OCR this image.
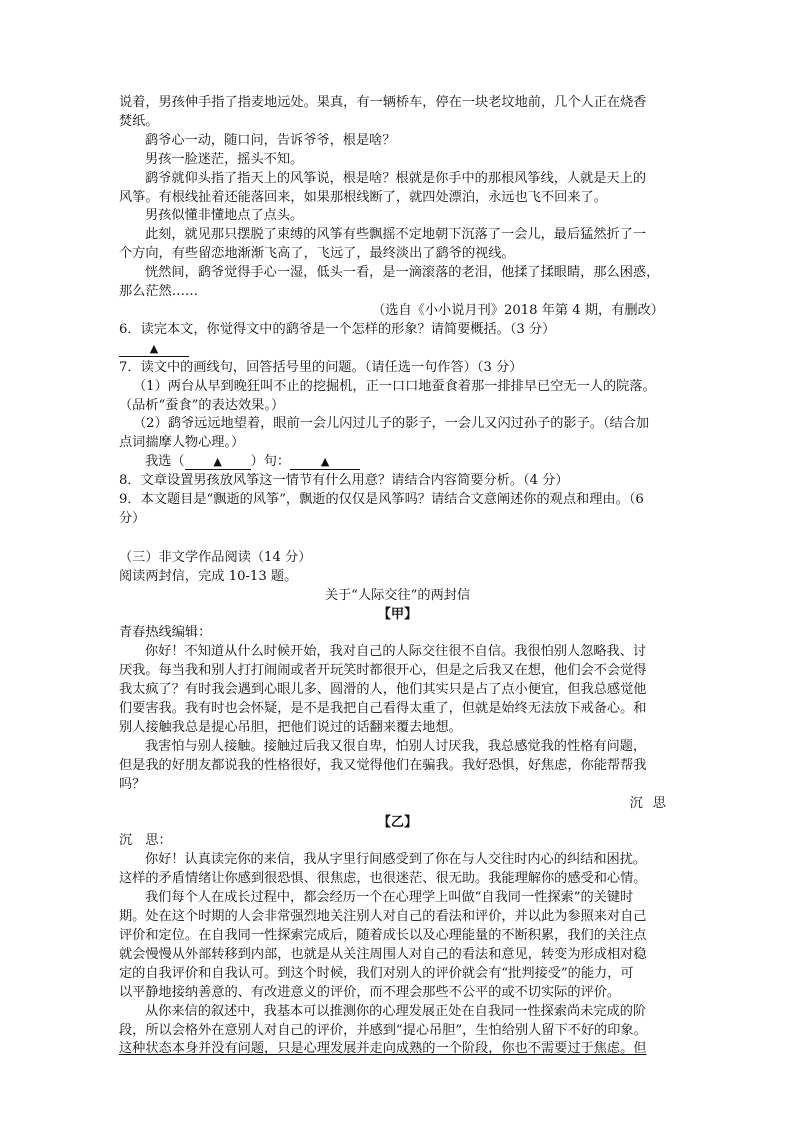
说着，男孩伸手指了指麦地远处。果真，有一辆桥车，停在一块老坟地前，几个人正在烧香
焚纸。
鹞爷心一动，随口问，告诉爷爷，根是啥？
男孩一脸迷茫，摇头不知。
鹞爷就仰头指了指天上的风筝说，根是啥？根就是你手中的那根风筝线，人就是天上的
风筝。有根线扯着还能落回来，如果那根线断了，就四处漂泊，永远也飞不回来了。
男孩似懂非懂地点了点头。
此刻，就见那只摆脱了束缚的风筝有些飘摇不定地朝下沉落了一会儿，最后猛然折了一
个方向，有些留恋地渐渐飞高了，飞远了，最终淡出了鹞爷的视线。
恍然间，鹞爷觉得手心一湿，低头一看，是一滴滚落的老泪，他揉了揉眼睛，那么困惑，
那么茫然……
（选自《小小说月刊》2018 年第 4 期，有删改）
6．读完本文，你觉得文中的鹞爷是一个怎样的形象？请简要概括。（3 分）
▲
7．读文中的画线句，回答括号里的问题。（请任选一句作答）（3 分）
（1）两台从早到晚狂叫不止的挖掘机，正一口口地蚕食着那一排排早已空无一人的院落。
（品析“蚕食”的表达效果。）
（2）鹞爷远远地望着，眼前一会儿闪过儿子的影子，一会儿又闪过孙子的影子。（结合加
点词揣摩人物心理。）
我选（	▲ ）句：	▲
8．文章设置男孩放风筝这一情节有什么用意？请结合内容简要分析。（4 分）
9．本文题目是“飘逝的风筝”，飘逝的仅仅是风筝吗？请结合文意阐述你的观点和理由。（6
分）
（三）非文学作品阅读（14 分）
阅读两封信，完成 10-13 题。
关于“人际交往”的两封信
【甲】
青春热线编辑：
你好！不知道从什么时候开始，我对自己的人际交往很不自信。我很怕别人忽略我、讨
厌我。每当我和别人打打闹闹或者开玩笑时都很开心，但是之后我又在想，他们会不会觉得
我太疯了？有时我会遇到心眼儿多、圆滑的人，他们其实只是占了点小便宜，但我总感觉他
们要害我。我有时也会怀疑，是不是我把自己看得太重了，但就是始终无法放下戒备心。和
别人接触我总是提心吊胆，把他们说过的话翻来覆去地想。
我害怕与别人接触。接触过后我又很自卑，怕别人讨厌我，我总感觉我的性格有问题，
但是我的好朋友都说我的性格很好，我又觉得他们在骗我。我好恐惧，好焦虑，你能帮帮我
吗？
沉思
【乙】
沉　思：
你好！认真读完你的来信，我从字里行间感受到了你在与人交往时内心的纠结和困扰。
这样的矛盾情绪让你感到很恐惧、很焦虑，也很迷茫、很无助。我能理解你的感受和心情。
我们每个人在成长过程中，都会经历一个在心理学上叫做“自我同一性探索”的关键时
期。处在这个时期的人会非常强烈地关注别人对自己的看法和评价，并以此为参照来对自己
评价和定位。在自我同一性探索完成后，随着成长以及心理能量的不断积累，我们的关注点
就会慢慢从外部转移到内部，也就是从关注周围人对自己的看法和意见，转变为形成相对稳
定的自我评价和自我认可。到这个时候，我们对别人的评价就会有“批判接受”的能力，可
以平静地接纳善意的、有改进意义的评价，而不理会那些不公平的或不切实际的评价。
从你来信的叙述中，我基本可以推测你的心理发展正处在自我同一性探索尚未完成的阶
段，所以会格外在意别人对自己的评价，并感到“提心吊胆”，生怕给别人留下不好的印象。
这种状态本身并没有问题，只是心理发展并走向成熟的一个阶段，你也不需要过于焦虑。但
